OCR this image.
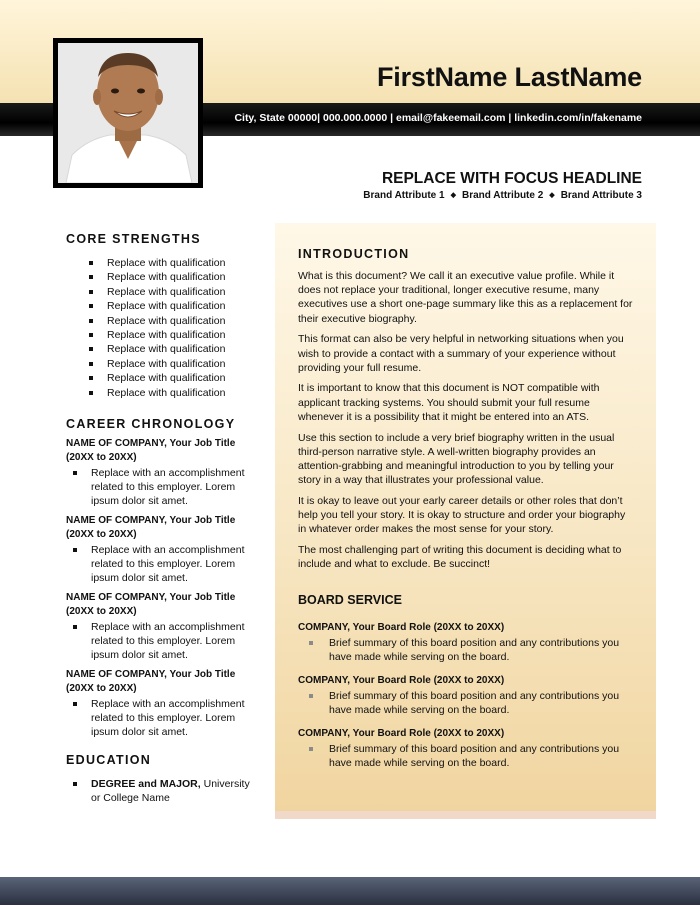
City, State 00000| 000.000.0000 | email@fakeemail.com | linkedin.com/in/fakename
FirstName LastName
REPLACE WITH FOCUS HEADLINE
Brand Attribute 1 ◆ Brand Attribute 2 ◆ Brand Attribute 3
CORE STRENGTHS
Replace with qualification
Replace with qualification
Replace with qualification
Replace with qualification
Replace with qualification
Replace with qualification
Replace with qualification
Replace with qualification
Replace with qualification
Replace with qualification
CAREER CHRONOLOGY
NAME OF COMPANY, Your Job Title (20XX to 20XX)
Replace with an accomplishment related to this employer. Lorem ipsum dolor sit amet.
NAME OF COMPANY, Your Job Title (20XX to 20XX)
Replace with an accomplishment related to this employer. Lorem ipsum dolor sit amet.
NAME OF COMPANY, Your Job Title (20XX to 20XX)
Replace with an accomplishment related to this employer. Lorem ipsum dolor sit amet.
NAME OF COMPANY, Your Job Title (20XX to 20XX)
Replace with an accomplishment related to this employer. Lorem ipsum dolor sit amet.
EDUCATION
DEGREE and MAJOR, University or College Name
INTRODUCTION

What is this document? We call it an executive value profile. While it does not replace your traditional, longer executive resume, many executives use a short one-page summary like this as a replacement for their executive biography.

This format can also be very helpful in networking situations when you wish to provide a contact with a summary of your experience without providing your full resume.

It is important to know that this document is NOT compatible with applicant tracking systems. You should submit your full resume whenever it is a possibility that it might be entered into an ATS.

Use this section to include a very brief biography written in the usual third-person narrative style. A well-written biography provides an attention-grabbing and meaningful introduction to you by telling your story in a way that illustrates your professional value.

It is okay to leave out your early career details or other roles that don’t help you tell your story. It is okay to structure and order your biography in whatever order makes the most sense for your story.

The most challenging part of writing this document is deciding what to include and what to exclude. Be succinct!

BOARD SERVICE
COMPANY, Your Board Role (20XX to 20XX)
Brief summary of this board position and any contributions you have made while serving on the board.
COMPANY, Your Board Role (20XX to 20XX)
Brief summary of this board position and any contributions you have made while serving on the board.
COMPANY, Your Board Role (20XX to 20XX)
Brief summary of this board position and any contributions you have made while serving on the board.
